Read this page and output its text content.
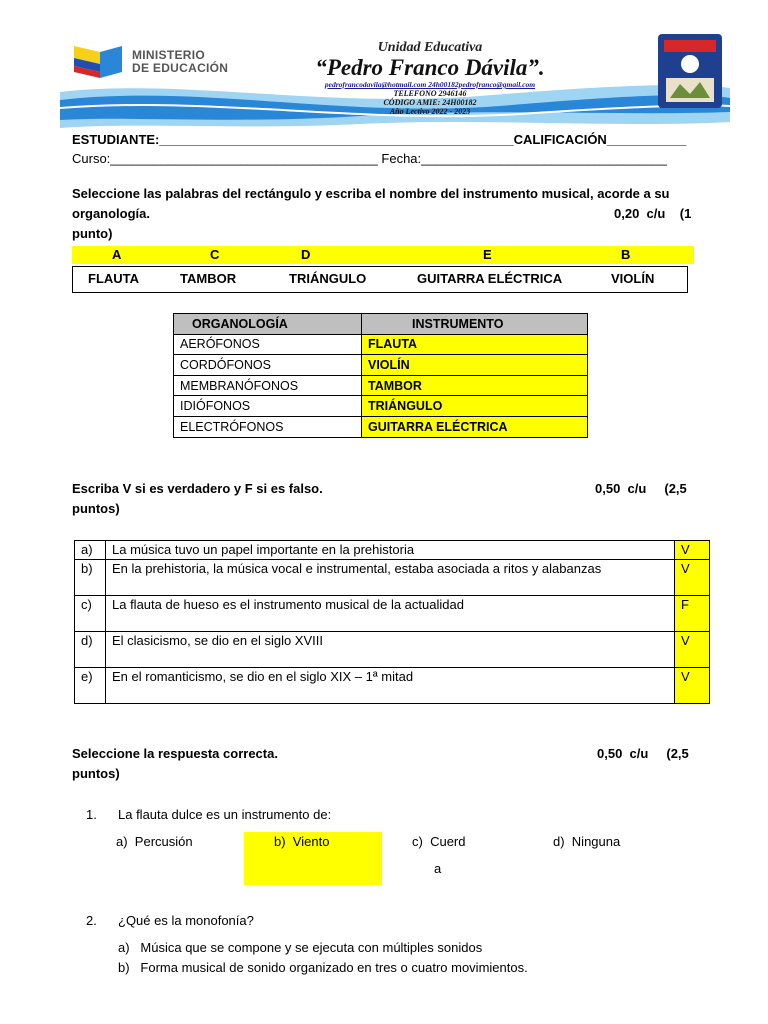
MINISTERIO
DE EDUCACIÓN
Unidad Educativa
“Pedro Franco Dávila”.
pedrofrancodavila@hotmail.com 24h00182pedrofranco@gmail.com
TELEFONO 2946146
CÓDIGO AMIE: 24H00182
Año Lectivo 2022 - 2023
ESTUDIANTE:_________________________________________________CALIFICACIÓN___________
Curso:_____________________________________ Fecha:__________________________________
Seleccione las palabras del rectángulo y escriba el nombre del instrumento musical, acorde a su
organología.	0,20  c/u    (1
punto)
A	C	D	E	B
FLAUTA	TAMBOR	TRIÁNGULO	GUITARRA ELÉCTRICA	VIOLÍN
ORGANOLOGÍA	INSTRUMENTO
AERÓFONOS	FLAUTA
CORDÓFONOS	VIOLÍN
MEMBRANÓFONOS	TAMBOR
IDIÓFONOS	TRIÁNGULO
ELECTRÓFONOS	GUITARRA ELÉCTRICA
Escriba V si es verdadero y F si es falso.	0,50  c/u     (2,5
puntos)
a)	La música tuvo un papel importante en la prehistoria	V
b)	En la prehistoria, la música vocal e instrumental, estaba asociada a ritos y alabanzas	V
c)	La flauta de hueso es el instrumento musical de la actualidad	F
d)	El clasicismo, se dio en el siglo XVIII	V
e)	En el romanticismo, se dio en el siglo XIX – 1ª mitad	V
Seleccione la respuesta correcta.	0,50  c/u     (2,5
puntos)
1. La flauta dulce es un instrumento de:
a) Percusión	b) Viento	c) Cuerd
a
d) Ninguna
2. ¿Qué es la monofonía?
a) Música que se compone y se ejecuta con múltiples sonidos
b) Forma musical de sonido organizado en tres o cuatro movimientos.
